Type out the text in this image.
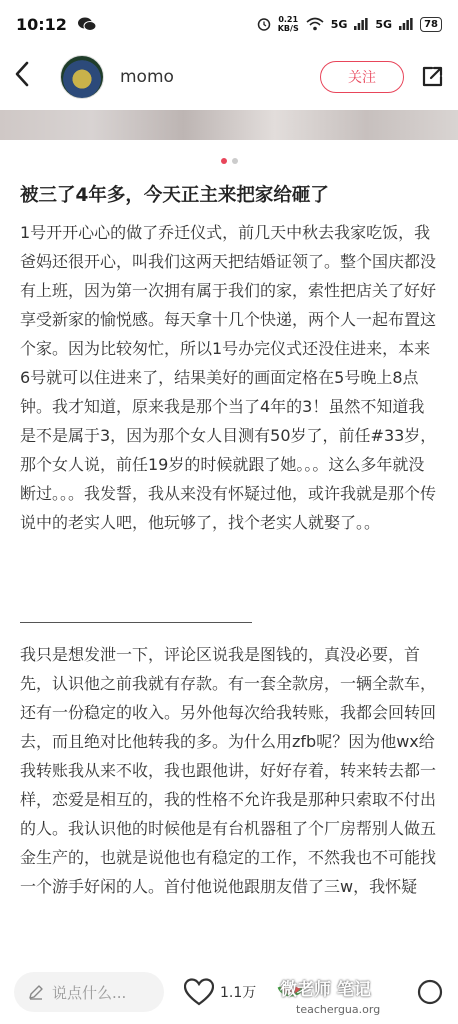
10:12	0.21
KB/S	5G	5G	78
momo	关注
被三了4年多，今天正主来把家给砸了
1号开开心心的做了乔迁仪式，前几天中秋去我家吃饭，我爸妈还很开心，叫我们这两天把结婚证领了。整个国庆都没有上班，因为第一次拥有属于我们的家，索性把店关了好好享受新家的愉悦感。每天拿十几个快递，两个人一起布置这个家。因为比较匆忙，所以1号办完仪式还没住进来，本来6号就可以住进来了，结果美好的画面定格在5号晚上8点钟。我才知道，原来我是那个当了4年的3！虽然不知道我是不是属于3，因为那个女人目测有50岁了，前任#33岁，那个女人说，前任19岁的时候就跟了她。。。这么多年就没断过。。。我发誓，我从来没有怀疑过他，或许我就是那个传说中的老实人吧，他玩够了，找个老实人就娶了。。
我只是想发泄一下，评论区说我是图钱的，真没必要，首先，认识他之前我就有存款。有一套全款房，一辆全款车，还有一份稳定的收入。另外他每次给我转账，我都会回转回去，而且绝对比他转我的多。为什么用zfb呢？因为他wx给我转账我从来不收，我也跟他讲，好好存着，转来转去都一样，恋爱是相互的，我的性格不允许我是那种只索取不付出的人。我认识他的时候他是有台机器租了个厂房帮别人做五金生产的，也就是说他也有稳定的工作，不然我也不可能找一个游手好闲的人。首付他说他跟朋友借了三w，我怀疑
说点什么...	1.1万 微老师 笔记
teachergua.org
